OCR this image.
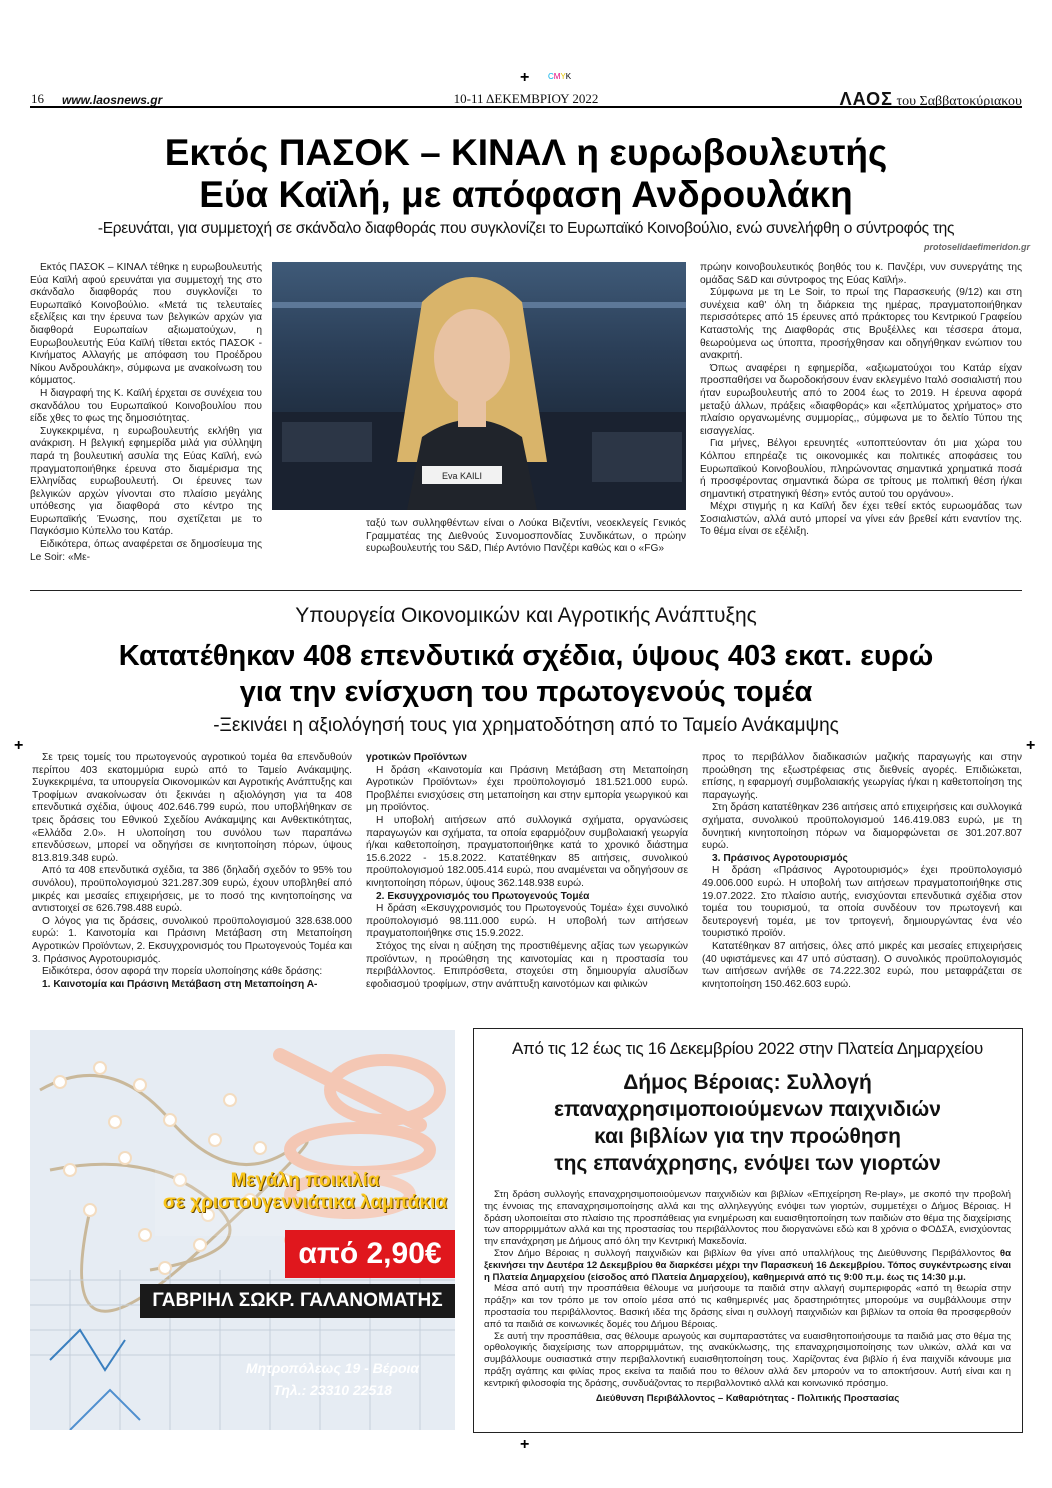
+ CMYK
+	+
+
16 www.laosnews.gr	10-11 ΔΕΚΕΜΒΡΙΟΥ 2022	ΛΑΟΣ του Σαββατοκύριακου
Εκτός ΠΑΣΟΚ – ΚΙΝΑΛ η ευρωβουλευτής
Εύα Καϊλή, με απόφαση Ανδρουλάκη
-Ερευνάται, για συμμετοχή σε σκάνδαλο διαφθοράς που συγκλονίζει το Ευρωπαϊκό Κοινοβούλιο, ενώ συνελήφθη ο σύντροφός της
protoselidaefimeridon.gr

Εκτός ΠΑΣΟΚ – ΚΙΝΑΛ τέθηκε η ευρωβουλευτής Εύα Καϊλή αφού ερευνάται για συμμετοχή της στο σκάνδαλο διαφθοράς που συγκλονίζει το Ευρωπαϊκό Κοινοβούλιο. «Μετά τις τελευταίες εξελίξεις και την έρευνα των βελγικών αρχών για διαφθορά Ευρωπαίων αξιωματούχων, η Ευρωβουλευτής Εύα Καϊλή τίθεται εκτός ΠΑΣΟΚ - Κινήματος Αλλαγής με απόφαση του Προέδρου Νίκου Ανδρουλάκη», σύμφωνα με ανακοίνωση του κόμματος.

Η διαγραφή της Κ. Καϊλή έρχεται σε συνέχεια του σκανδάλου του Ευρωπαϊκού Κοινοβουλίου που είδε χθες το φως της δημοσιότητας.

Συγκεκριμένα, η ευρωβουλευτής εκλήθη για ανάκριση. Η βελγική εφημερίδα μιλά για σύλληψη παρά τη βουλευτική ασυλία της Εύας Καϊλή, ενώ πραγματοποιήθηκε έρευνα στο διαμέρισμα της Ελληνίδας ευρωβουλευτή. Οι έρευνες των βελγικών αρχών γίνονται στο πλαίσιο μεγάλης υπόθεσης για διαφθορά στο κέντρο της Ευρωπαϊκής Ένωσης, που σχετίζεται με το Παγκόσμιο Κύπελλο του Κατάρ.

Ειδικότερα, όπως αναφέρεται σε δημοσίευμα της Le Soir: «Με-

Eva KAILI
ταξύ των συλληφθέντων είναι ο Λούκα Βιζεντίνι, νεοεκλεγείς Γενικός Γραμματέας της Διεθνούς Συνομοσπονδίας Συνδικάτων, ο πρώην ευρωβουλευτής του S&D, Πιέρ Αντόνιο Πανζέρι καθώς και ο «FG»

πρώην κοινοβουλευτικός βοηθός του κ. Πανζέρι, νυν συνεργάτης της ομάδας S&D και σύντροφος της Εύας Καϊλή».

Σύμφωνα με τη Le Soir, το πρωί της Παρασκευής (9/12) και στη συνέχεια καθ' όλη τη διάρκεια της ημέρας, πραγματοποιήθηκαν περισσότερες από 15 έρευνες από πράκτορες του Κεντρικού Γραφείου Καταστολής της Διαφθοράς στις Βρυξέλλες και τέσσερα άτομα, θεωρούμενα ως ύποπτα, προσήχθησαν και οδηγήθηκαν ενώπιον του ανακριτή.

Όπως αναφέρει η εφημερίδα, «αξιωματούχοι του Κατάρ είχαν προσπαθήσει να δωροδοκήσουν έναν εκλεγμένο Ιταλό σοσιαλιστή που ήταν ευρωβουλευτής από το 2004 έως το 2019. Η έρευνα αφορά μεταξύ άλλων, πράξεις «διαφθοράς» και «ξεπλύματος χρήματος» στο πλαίσιο οργανωμένης συμμορίας,, σύμφωνα με το δελτίο Τύπου της εισαγγελίας.

Για μήνες, Βέλγοι ερευνητές «υποπτεύονταν ότι μια χώρα του Κόλπου επηρέαζε τις οικονομικές και πολιτικές αποφάσεις του Ευρωπαϊκού Κοινοβουλίου, πληρώνοντας σημαντικά χρηματικά ποσά ή προσφέροντας σημαντικά δώρα σε τρίτους με πολιτική θέση ή/και σημαντική στρατηγική θέση» εντός αυτού του οργάνου».

Μέχρι στιγμής η κα Καϊλή δεν έχει τεθεί εκτός ευρωομάδας των Σοσιαλιστών, αλλά αυτό μπορεί να γίνει εάν βρεθεί κάτι εναντίον της. Το θέμα είναι σε εξέλιξη.

Υπουργεία Οικονομικών και Αγροτικής Ανάπτυξης
Κατατέθηκαν 408 επενδυτικά σχέδια, ύψους 403 εκατ. ευρώ
για την ενίσχυση του πρωτογενούς τομέα
-Ξεκινάει η αξιολόγησή τους για χρηματοδότηση από το Ταμείο Ανάκαμψης

Σε τρεις τομείς του πρωτογενούς αγροτικού τομέα θα επενδυθούν περίπου 403 εκατομμύρια ευρώ από το Ταμείο Ανάκαμψης. Συγκεκριμένα, τα υπουργεία Οικονομικών και Αγροτικής Ανάπτυξης και Τροφίμων ανακοίνωσαν ότι ξεκινάει η αξιολόγηση για τα 408 επενδυτικά σχέδια, ύψους 402.646.799 ευρώ, που υποβλήθηκαν σε τρεις δράσεις του Εθνικού Σχεδίου Ανάκαμψης και Ανθεκτικότητας, «Ελλάδα 2.0». Η υλοποίηση του συνόλου των παραπάνω επενδύσεων, μπορεί να οδηγήσει σε κινητοποίηση πόρων, ύψους 813.819.348 ευρώ.

Από τα 408 επενδυτικά σχέδια, τα 386 (δηλαδή σχεδόν το 95% του συνόλου), προϋπολογισμού 321.287.309 ευρώ, έχουν υποβληθεί από μικρές και μεσαίες επιχειρήσεις, με το ποσό της κινητοποίησης να αντιστοιχεί σε 626.798.488 ευρώ.

Ο λόγος για τις δράσεις, συνολικού προϋπολογισμού 328.638.000 ευρώ: 1. Καινοτομία και Πράσινη Μετάβαση στη Μεταποίηση Αγροτικών Προϊόντων, 2. Εκσυγχρονισμός του Πρωτογενούς Τομέα και 3. Πράσινος Αγροτουρισμός.

Ειδικότερα, όσον αφορά την πορεία υλοποίησης κάθε δράσης:

1. Καινοτομία και Πράσινη Μετάβαση στη Μεταποίηση Α-

γροτικών Προϊόντων

Η δράση «Καινοτομία και Πράσινη Μετάβαση στη Μεταποίηση Αγροτικών Προϊόντων» έχει προϋπολογισμό 181.521.000 ευρώ. Προβλέπει ενισχύσεις στη μεταποίηση και στην εμπορία γεωργικού και μη προϊόντος.

Η υποβολή αιτήσεων από συλλογικά σχήματα, οργανώσεις παραγωγών και σχήματα, τα οποία εφαρμόζουν συμβολαιακή γεωργία ή/και καθετοποίηση, πραγματοποιήθηκε κατά το χρονικό διάστημα 15.6.2022 - 15.8.2022. Κατατέθηκαν 85 αιτήσεις, συνολικού προϋπολογισμού 182.005.414 ευρώ, που αναμένεται να οδηγήσουν σε κινητοποίηση πόρων, ύψους 362.148.938 ευρώ.

2. Εκσυγχρονισμός του Πρωτογενούς Τομέα

Η δράση «Εκσυγχρονισμός του Πρωτογενούς Τομέα» έχει συνολικό προϋπολογισμό 98.111.000 ευρώ. Η υποβολή των αιτήσεων πραγματοποιήθηκε στις 15.9.2022.

Στόχος της είναι η αύξηση της προστιθέμενης αξίας των γεωργικών προϊόντων, η προώθηση της καινοτομίας και η προστασία του περιβάλλοντος. Επιπρόσθετα, στοχεύει στη δημιουργία αλυσίδων εφοδιασμού τροφίμων, στην ανάπτυξη καινοτόμων και φιλικών

προς το περιβάλλον διαδικασιών μαζικής παραγωγής και στην προώθηση της εξωστρέφειας στις διεθνείς αγορές. Επιδιώκεται, επίσης, η εφαρμογή συμβολαιακής γεωργίας ή/και η καθετοποίηση της παραγωγής.

Στη δράση κατατέθηκαν 236 αιτήσεις από επιχειρήσεις και συλλογικά σχήματα, συνολικού προϋπολογισμού 146.419.083 ευρώ, με τη δυνητική κινητοποίηση πόρων να διαμορφώνεται σε 301.207.807 ευρώ.

3. Πράσινος Αγροτουρισμός

Η δράση «Πράσινος Αγροτουρισμός» έχει προϋπολογισμό 49.006.000 ευρώ. Η υποβολή των αιτήσεων πραγματοποιήθηκε στις 19.07.2022. Στο πλαίσιο αυτής, ενισχύονται επενδυτικά σχέδια στον τομέα του τουρισμού, τα οποία συνδέουν τον πρωτογενή και δευτερογενή τομέα, με τον τριτογενή, δημιουργώντας ένα νέο τουριστικό προϊόν.

Κατατέθηκαν 87 αιτήσεις, όλες από μικρές και μεσαίες επιχειρήσεις (40 υφιστάμενες και 47 υπό σύσταση). Ο συνολικός προϋπολογισμός των αιτήσεων ανήλθε σε 74.222.302 ευρώ, που μεταφράζεται σε κινητοποίηση 150.462.603 ευρώ.

Μεγάλη ποικιλία
σε χριστουγεννιάτικα λαμπάκια
από 2,90€
ΓΑΒΡΙΗΛ ΣΩΚΡ. ΓΑΛΑΝΟΜΑΤΗΣ
Μητροπόλεως 19 - Βέροια
Τηλ.: 23310 22518
Από τις 12 έως τις 16 Δεκεμβρίου 2022 στην Πλατεία Δημαρχείου
Δήμος Βέροιας: Συλλογή
επαναχρησιμοποιούμενων παιχνιδιών
και βιβλίων για την προώθηση
της επανάχρησης, ενόψει των γιορτών

Στη δράση συλλογής επαναχρησιμοποιούμενων παιχνιδιών και βιβλίων «Επιχείρηση Re-play», με σκοπό την προβολή της έννοιας της επαναχρησιμοποίησης αλλά και της αλληλεγγύης ενόψει των γιορτών, συμμετέχει ο Δήμος Βέροιας. Η δράση υλοποιείται στο πλαίσιο της προσπάθειας για ενημέρωση και ευαισθητοποίηση των παιδιών στο θέμα της διαχείρισης των απορριμμάτων αλλά και της προστασίας του περιβάλλοντος που διοργανώνει εδώ και 8 χρόνια ο ΦΟΔΣΑ, ενισχύοντας την επανάχρηση με Δήμους από όλη την Κεντρική Μακεδονία.

Στον Δήμο Βέροιας η συλλογή παιχνιδιών και βιβλίων θα γίνει από υπαλλήλους της Διεύθυνσης Περιβάλλοντος θα ξεκινήσει την Δευτέρα 12 Δεκεμβρίου θα διαρκέσει μέχρι την Παρασκευή 16 Δεκεμβρίου. Τόπος συγκέντρωσης είναι η Πλατεία Δημαρχείου (είσοδος από Πλατεία Δημαρχείου), καθημερινά από τις 9:00 π.μ. έως τις 14:30 μ.μ.

Μέσα από αυτή την προσπάθεια θέλουμε να μυήσουμε τα παιδιά στην αλλαγή συμπεριφοράς «από τη θεωρία στην πράξη» και τον τρόπο με τον οποίο μέσα από τις καθημερινές μας δραστηριότητες μπορούμε να συμβάλλουμε στην προστασία του περιβάλλοντος. Βασική ιδέα της δράσης είναι η συλλογή παιχνιδιών και βιβλίων τα οποία θα προσφερθούν από τα παιδιά σε κοινωνικές δομές του Δήμου Βέροιας.

Σε αυτή την προσπάθεια, σας θέλουμε αρωγούς και συμπαραστάτες να ευαισθητοποιήσουμε τα παιδιά μας στο θέμα της ορθολογικής διαχείρισης των απορριμμάτων, της ανακύκλωσης, της επαναχρησιμοποίησης των υλικών, αλλά και να συμβάλλουμε ουσιαστικά στην περιβαλλοντική ευαισθητοποίηση τους. Χαρίζοντας ένα βιβλίο ή ένα παιχνίδι κάνουμε μια πράξη αγάπης και φιλίας προς εκείνα τα παιδιά που το θέλουν αλλά δεν μπορούν να το αποκτήσουν. Αυτή είναι και η κεντρική φιλοσοφία της δράσης, συνδυάζοντας το περιβαλλοντικό αλλά και κοινωνικό πρόσημο.

Διεύθυνση Περιβάλλοντος – Καθαριότητας - Πολιτικής Προστασίας
